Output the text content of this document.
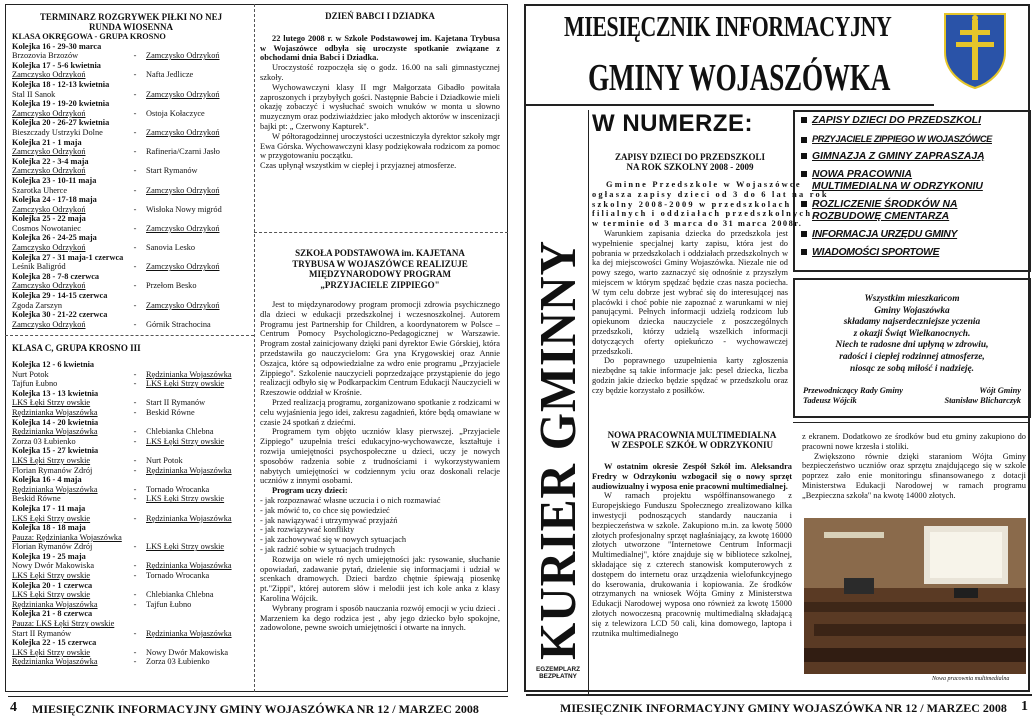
TERMINARZ ROZGRYWEK PIŁKI NO NEJ
RUNDA WIOSENNA
KLASA OKRĘGOWA - GRUPA KROSNO
Kolejka 16 - 29-30 marca
Brzozovia Brzozów	-	Zamczysko Odrzykoń
Kolejka 17 - 5-6 kwietnia
Zamczysko Odrzykoń	-	Nafta Jedlicze
Kolejka 18 - 12-13 kwietnia
Stal II Sanok	-	Zamczysko Odrzykoń
Kolejka 19 - 19-20 kwietnia
Zamczysko Odrzykoń	-	Ostoja Kołaczyce
Kolejka 20 - 26-27 kwietnia
Bieszczady Ustrzyki Dolne	-	Zamczysko Odrzykoń
Kolejka 21 - 1 maja
Zamczysko Odrzykoń	-	Rafineria/Czarni Jasło
Kolejka 22 - 3-4 maja
Zamczysko Odrzykoń	-	Start Rymanów
Kolejka 23 - 10-11 maja
Szarotka Uherce	-	Zamczysko Odrzykoń
Kolejka 24 - 17-18 maja
Zamczysko Odrzykoń	-	Wisłoka Nowy migród
Kolejka 25 - 22 maja
Cosmos Nowotaniec	-	Zamczysko Odrzykoń
Kolejka 26 - 24-25 maja
Zamczysko Odrzykoń	-	Sanovia Lesko
Kolejka 27 - 31 maja-1 czerwca
Leśnik Baligród	-	Zamczysko Odrzykoń
Kolejka 28 - 7-8 czerwca
Zamczysko Odrzykoń	-	Przełom Besko
Kolejka 29 - 14-15 czerwca
Zgoda Zarszyn	-	Zamczysko Odrzykoń
Kolejka 30 - 21-22 czerwca
Zamczysko Odrzykoń	-	Górnik Strachocina
KLASA C, GRUPA KROSNO III
Kolejka 12 - 6 kwietnia
Nurt Potok	-	Rędzinianka Wojaszówka
Tajfun Łubno	-	LKS Łęki Strzy owskie
Kolejka 13 - 13 kwietnia
LKS Łęki Strzy owskie	-	Start II Rymanów
Rędzinianka Wojaszówka	-	Beskid Równe
Kolejka 14 - 20 kwietnia
Rędzinianka Wojaszówka	-	Chlebianka Chlebna
Zorza 03 Łubienko	-	LKS Łęki Strzy owskie
Kolejka 15 - 27 kwietnia
LKS Łęki Strzy owskie	-	Nurt Potok
Florian Rymanów Zdrój	-	Rędzinianka Wojaszówka
Kolejka 16 - 4 maja
Rędzinianka Wojaszówka	-	Tornado Wrocanka
Beskid Równe	-	LKS Łęki Strzy owskie
Kolejka 17 - 11 maja
LKS Łęki Strzy owskie	-	Rędzinianka Wojaszówka
Kolejka 18 - 18 maja
Pauza: Rędzinianka Wojaszówka
Florian Rymanów Zdrój	-	LKS Łęki Strzy owskie
Kolejka 19 - 25 maja
Nowy Dwór Makowiska	-	Rędzinianka Wojaszówka
LKS Łęki Strzy owskie	-	Tornado Wrocanka
Kolejka 20 - 1 czerwca
LKS Łęki Strzy owskie	-	Chlebianka Chlebna
Rędzinianka Wojaszówka	-	Tajfun Łubno
Kolejka 21 - 8 czerwca
Pauza: LKS Łęki Strzy owskie
Start II Rymanów	-	Rędzinianka Wojaszówka
Kolejka 22 - 15 czerwca
LKS Łęki Strzy owskie	-	Nowy Dwór Makowiska
Rędzinianka Wojaszówka	-	Zorza 03 Łubienko
DZIEŃ BABCI I DZIADKA

22 lutego 2008 r. w Szkole Podstawowej im. Kajetana Trybusa w Wojaszówce odbyła się uroczyste spotkanie związane z obchodami dnia Babci i Dziadka.

Uroczystość rozpoczęła się o godz. 16.00 na sali gimnastycznej szkoły.

Wychowawczyni klasy II mgr Małgorzata Gibadło powitała zaproszonych i przybyłych gości. Następnie Babcie i Dziadkowie mieli okazję zobaczyć i wysłuchać swoich wnuków w monta u słowno muzycznym oraz podziwiażdziec jako młodych aktorów w inscenizacji bajki pt: „ Czerwony Kapturek".

W półtoragodzinnej uroczystości uczestniczyła dyrektor szkoły mgr Ewa Górska. Wychowawczyni klasy podziękowała rodzicom za pomoc w przygotowaniu początku.

Czas upłynął wszystkim w ciepłej i przyjaznej atmosferze.

SZKOŁA PODSTAWOWA im. KAJETANA
TRYBUSA W WOJASZÓWCE REALIZUJE
MIĘDZYNARODOWY PROGRAM
„PRZYJACIELE ZIPPIEGO"

Jest to międzynarodowy program promocji zdrowia psychicznego dla dzieci w edukacji przedszkolnej i wczesnoszkolnej. Autorem Programu jest Partnership for Children, a koordynatorem w Polsce – Centrum Pomocy Psychologiczno-Pedagogicznej w Warszawie. Program został zainicjowany dzięki pani dyrektor Ewie Górskiej, która przedstawiła go nauczycielom: Gra yna Krygowskiej oraz Annie Oszajca, które są odpowiedzialne za wdro enie programu „Przyjaciele Zippiego". Szkolenie nauczycieli poprzedzające przystąpienie do jego realizacji odbyło się w Podkarpackim Centrum Edukacji Nauczycieli w Rzeszowie oddział w Krośnie.

Przed realizacją programu, zorganizowano spotkanie z rodzicami w celu wyjaśnienia jego idei, zakresu zagadnień, które będą omawiane w czasie 24 spotkań z dziećmi.

Programem tym objęto uczniów klasy pierwszej. „Przyjaciele Zippiego" uzupełnia treści edukacyjno-wychowawcze, kształtuje i rozwija umiejętności psychospołeczne u dzieci, uczy je nowych sposobów radzenia sobie z trudnościami i wykorzystywaniem nabytych umiejętności w codziennym yciu oraz doskonali relacje uczniów z innymi osobami.

Program uczy dzieci:
- jak rozpoznawać własne uczucia i o nich rozmawiać
- jak mówić to, co chce się powiedzieć
- jak nawiązywać i utrzymywać przyjaźń
- jak rozwiązywać konflikty
- jak zachowywać się w nowych sytuacjach
- jak radzić sobie w sytuacjach trudnych

Rozwija on wiele ró nych umiejętności jak: rysowanie, słuchanie opowiadań, zadawanie pytań, dzielenie się informacjami i udział w scenkach dramowych. Dzieci bardzo chętnie śpiewają piosenkę pt."Zippi", której autorem słów i melodii jest ich kole anka z klasy Karolina Wójcik.

Wybrany program i sposób nauczania rozwój emocji w yciu dzieci . Marzeniem ka dego rodzica jest , aby jego dziecko było spokojne, zadowolone, pewne swoich umiejętności i otwarte na innych.

4 MIESIĘCZNIK INFORMACYJNY GMINY WOJASZÓWKA NR 12 / MARZEC 2008
MIESIĘCZNIK INFORMACYJNY
GMINY WOJASZÓWKA
W NUMERZE:	ZAPISY DZIECI DO PRZEDSZKOLI
PRZYJACIELE ZIPPIEGO W WOJASZÓWCE
GIMNAZJA Z GMINY ZAPRASZAJĄ
NOWA PRACOWNIA
MULTIMEDIALNA W ODRZYKONIU
ROZLICZENIE ŚRODKÓW NA
ROZBUDOWĘ CMENTARZA
INFORMACJA URZĘDU GMINY
WIADOMOŚCI SPORTOWE
KURIER GMINNY
EGZEMPLARZ
BEZPŁATNY
ZAPISY DZIECI DO PRZEDSZKOLI
NA ROK SZKOLNY 2008 - 2009
Gminne Przedszkole w Wojaszówce
ogłasza zapisy dzieci od 3 do 6 lat na rok
szkolny 2008-2009 w przedszkolach
filialnych i oddziałach przedszkolnych
w terminie od 3 marca do 31 marca 2008r.

Warunkiem zapisania dziecka do przedszkola jest wypełnienie specjalnej karty zapisu, która jest do pobrania w przedszkolach i oddziałach przedszkolnych w ka dej miejscowości Gminy Wojaszówka. Niezale nie od powy szego, warto zaznaczyć się odnośnie z przyszłym miejscem w którym spędzać będzie czas nasza pociecha. W tym celu dobrze jest wybrać się do interesującej nas placówki i choć pobie nie zapoznać z warunkami w niej panującymi. Pełnych informacji udzielą rodzicom lub opiekunom dziecka nauczyciele z poszczególnych przedszkoli, którzy udzielą wszelkich informacji dotyczących oferty opiekuńczo - wychowawczej przedszkoli.

Do poprawnego uzupełnienia karty zgłoszenia niezbędne są takie informacje jak: pesel dziecka, liczba godzin jakie dziecko będzie spędzać w przedszkolu oraz czy będzie korzystało z posiłków.

Wszystkim mieszkańcom
Gminy Wojaszówka
składamy najserdeczniejsze yczenia
z okazji Świąt Wielkanocnych.
Niech te radosne dni upłyną w zdrowiu,
radości i ciepłej rodzinnej atmosferze,
niosąc ze sobą miłość i nadzieję.
Przewodniczący Rady Gminy
Tadeusz Wójcik
Wójt Gminy
Stanisław Blicharczyk
NOWA PRACOWNIA MULTIMEDIALNA
W ZESPOLE SZKÓŁ W ODRZYKONIU

W ostatnim okresie Zespół Szkół im. Aleksandra Fredry w Odrzykoniu wzbogacił się o nowy sprzęt audiowizualny i wyposa enie pracowni multimedialnej.

W ramach projektu współfinansowanego z Europejskiego Funduszu Społecznego zrealizowano kilka inwestycji podnoszących standardy nauczania i bezpieczeństwa w szkole. Zakupiono m.in. za kwotę 5000 złotych profesjonalny sprzęt nagłaśniający, za kwotę 16000 złotych utworzone "Internetowe Centrum Informacji Multimedialnej", które znajduje się w bibliotece szkolnej, składające się z czterech stanowisk komputerowych z dostępem do internetu oraz urządzenia wielofunkcyjnego do kserowania, drukowania i kopiowania. Ze środków otrzymanych na wniosek Wójta Gminy z Ministerstwa Edukacji Narodowej wyposa ono również za kwotę 15000 złotych nowoczesną pracownię multimedialną składającą się z telewizora LCD 50 cali, kina domowego, laptopa i rzutnika multimedialnego

z ekranem. Dodatkowo ze środków bud etu gminy zakupiono do pracowni nowe krzesła i stoliki.

Zwiększono równie dzięki staraniom Wójta Gminy bezpieczeństwo uczniów oraz sprzętu znajdującego się w szkole poprzez zało enie monitoringu sfinansowanego z dotacji Ministerstwa Edukacji Narodowej w ramach programu „Bezpieczna szkoła" na kwotę 14000 złotych.

Nowa pracownia multimedialna
MIESIĘCZNIK INFORMACYJNY GMINY WOJASZÓWKA NR 12 / MARZEC 2008 1
